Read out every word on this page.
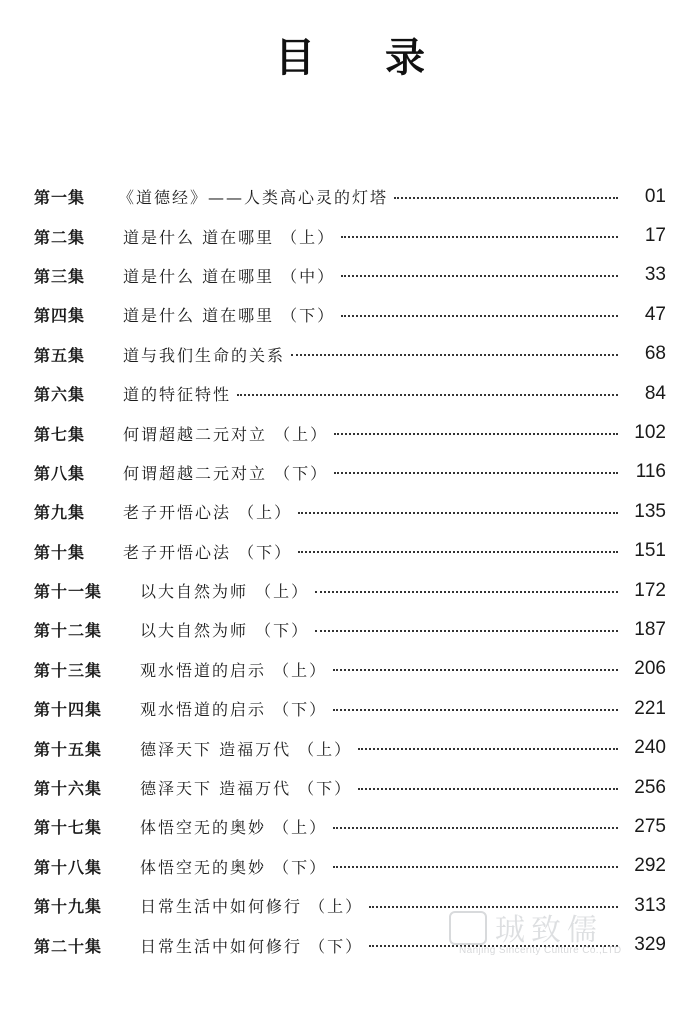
目 录
第一集	《道德经》——人类高心灵的灯塔	01
第二集	道是什么 道在哪里 （上）	17
第三集	道是什么 道在哪里 （中）	33
第四集	道是什么 道在哪里 （下）	47
第五集	道与我们生命的关系	68
第六集	道的特征特性	84
第七集	何谓超越二元对立 （上）	102
第八集	何谓超越二元对立 （下）	116
第九集	老子开悟心法 （上）	135
第十集	老子开悟心法 （下）	151
第十一集	以大自然为师 （上）	172
第十二集	以大自然为师 （下）	187
第十三集	观水悟道的启示 （上）	206
第十四集	观水悟道的启示 （下）	221
第十五集	德泽天下 造福万代 （上）	240
第十六集	德泽天下 造福万代 （下）	256
第十七集	体悟空无的奥妙 （上）	275
第十八集	体悟空无的奥妙 （下）	292
第十九集	日常生活中如何修行 （上）	313
第二十集	日常生活中如何修行 （下）	329
珹致儒
Nanjing Sincerity Culture Co.,LTD
